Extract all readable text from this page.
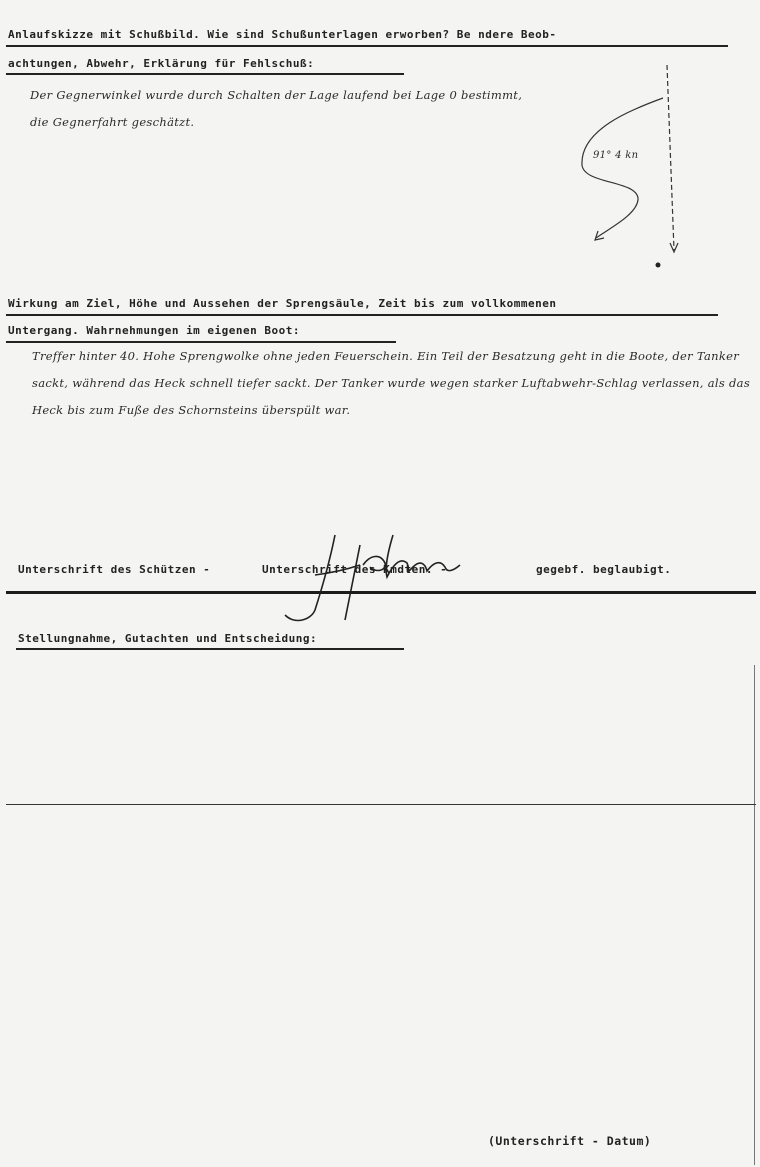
Anlaufskizze mit Schußbild. Wie sind Schußunterlagen erworben? Be ndere Beob-
achtungen, Abwehr, Erklärung für Fehlschuß:
Der Gegnerwinkel wurde durch Schalten der Lage laufend bei Lage 0 bestimmt, die Gegnerfahrt geschätzt.
91° 4 kn
Wirkung am Ziel, Höhe und Aussehen der Sprengsäule, Zeit bis zum vollkommenen
Untergang. Wahrnehmungen im eigenen Boot:
Treffer hinter 40. Hohe Sprengwolke ohne jeden Feuerschein. Ein Teil der Besatzung geht in die Boote, der Tanker sackt, während das Heck schnell tiefer sackt. Der Tanker wurde wegen starker Luftabwehr-Schlag verlassen, als das Heck bis zum Fuße des Schornsteins überspült war.
Unterschrift des Schützen -	Unterschrift des Kmdten. -	gegebf. beglaubigt.
Stellungnahme, Gutachten und Entscheidung:
(Unterschrift - Datum)
